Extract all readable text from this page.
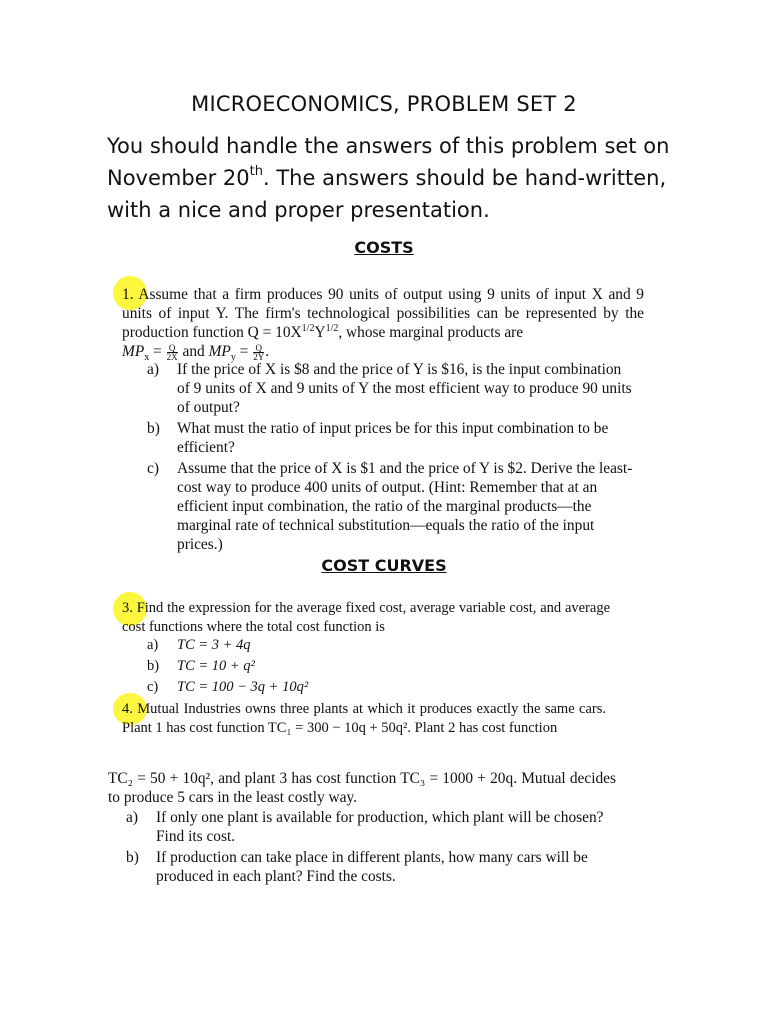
MICROECONOMICS, PROBLEM SET 2
You should handle the answers of this problem set on November 20th. The answers should be hand-written, with a nice and proper presentation.
COSTS
1. Assume that a firm produces 90 units of output using 9 units of input X and 9 units of input Y. The firm's technological possibilities can be represented by the production function $Q = 10X^{1/2}Y^{1/2}$, whose marginal products are
$MP_x = \frac{Q}{2X}$ and $MP_y = \frac{Q}{2Y}$ .
a) If the price of X is $8 and the price of Y is $16, is the input combination of 9 units of X and 9 units of Y the most efficient way to produce 90 units of output?
b) What must the ratio of input prices be for this input combination to be efficient?
c) Assume that the price of X is $1 and the price of Y is $2. Derive the least-cost way to produce 400 units of output. (Hint: Remember that at an efficient input combination, the ratio of the marginal products—the marginal rate of technical substitution—equals the ratio of the input prices.)
COST CURVES
3. Find the expression for the average fixed cost, average variable cost, and average cost functions where the total cost function is
a) TC = 3 + 4q
b) TC = 10 + q²
c) TC = 100 − 3q + 10q²
4. Mutual Industries owns three plants at which it produces exactly the same cars. Plant 1 has cost function TC₁ = 300 − 10q + 50q². Plant 2 has cost function
TC₂ = 50 + 10q², and plant 3 has cost function TC₃ = 1000 + 20q. Mutual decides to produce 5 cars in the least costly way.
a) If only one plant is available for production, which plant will be chosen? Find its cost.
b) If production can take place in different plants, how many cars will be produced in each plant? Find the costs.
